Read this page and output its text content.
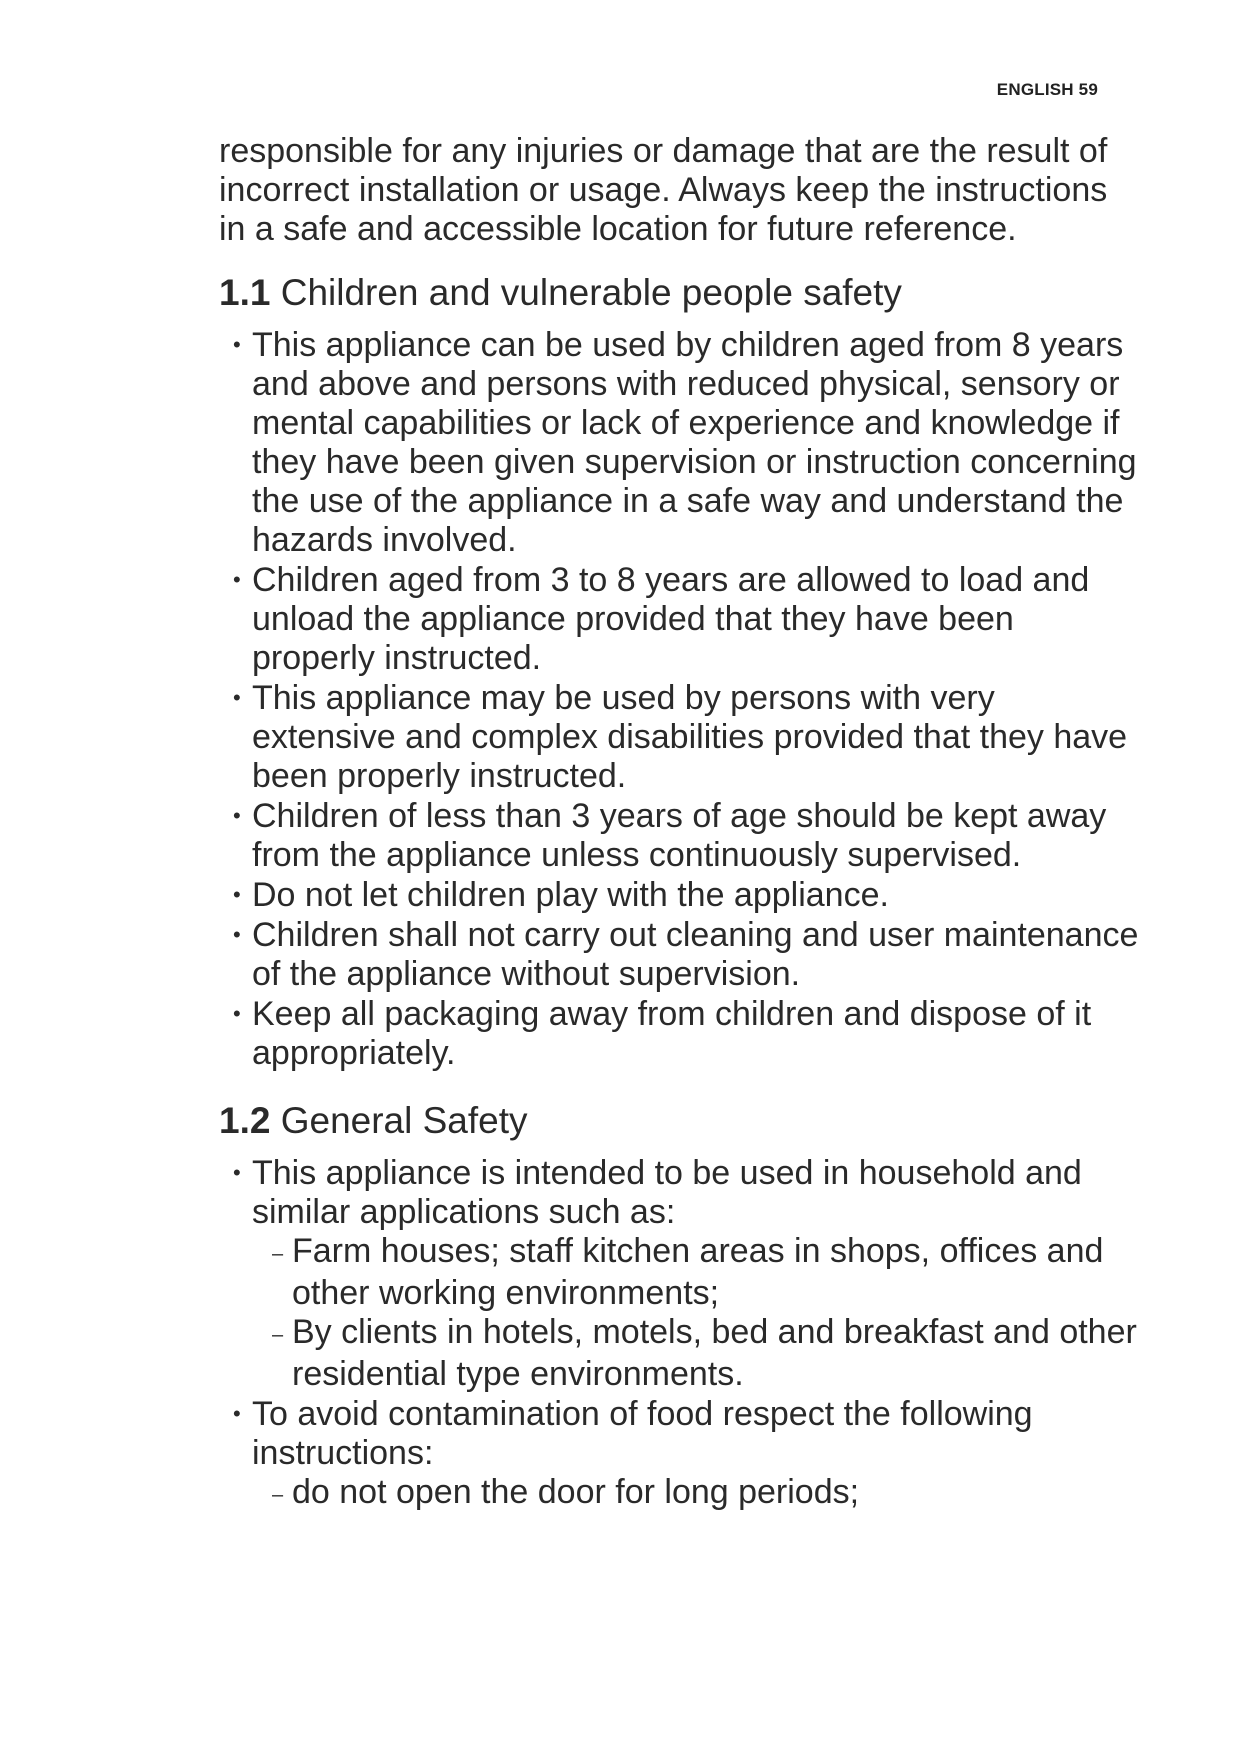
ENGLISH 59

responsible for any injuries or damage that are the result of incorrect installation or usage. Always keep the instructions in a safe and accessible location for future reference.

1.1 Children and vulnerable people safety
• This appliance can be used by children aged from 8 years and above and persons with reduced physical, sensory or mental capabilities or lack of experience and knowledge if they have been given supervision or instruction concerning the use of the appliance in a safe way and understand the hazards involved.
• Children aged from 3 to 8 years are allowed to load and unload the appliance provided that they have been properly instructed.
• This appliance may be used by persons with very extensive and complex disabilities provided that they have been properly instructed.
• Children of less than 3 years of age should be kept away from the appliance unless continuously supervised.
• Do not let children play with the appliance.
• Children shall not carry out cleaning and user maintenance of the appliance without supervision.
• Keep all packaging away from children and dispose of it appropriately.
1.2 General Safety
• This appliance is intended to be used in household and similar applications such as:
– Farm houses; staff kitchen areas in shops, offices and other working environments;
– By clients in hotels, motels, bed and breakfast and other residential type environments.
• To avoid contamination of food respect the following instructions:
– do not open the door for long periods;
